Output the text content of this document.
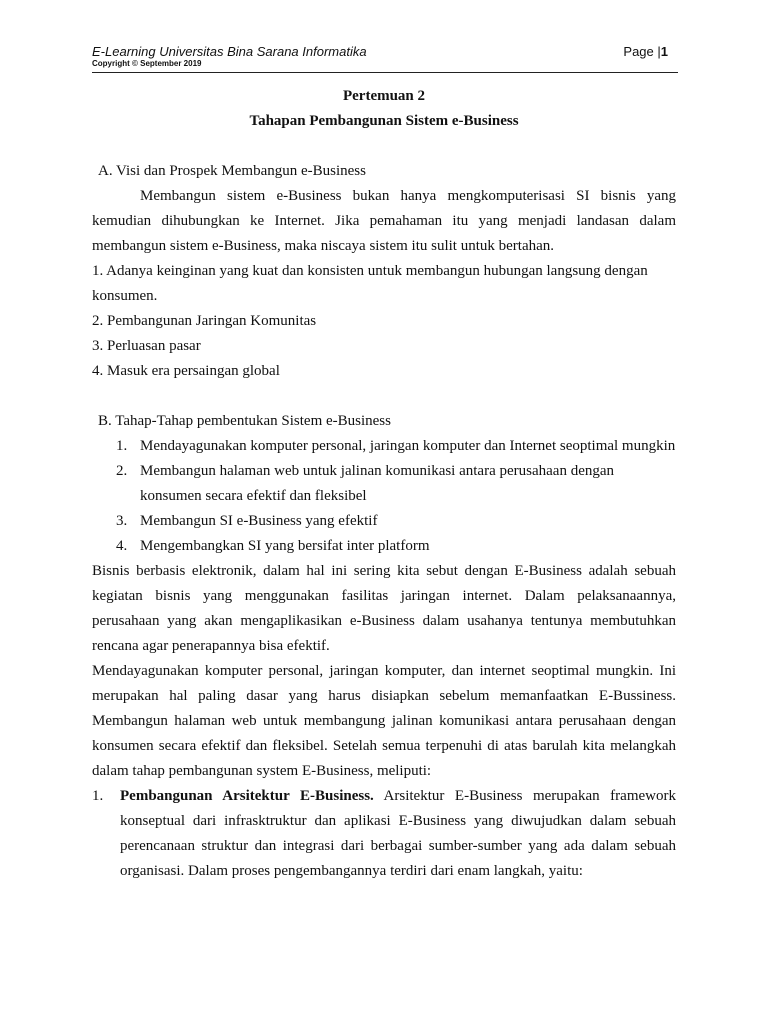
E-Learning Universitas Bina Sarana Informatika	Page |1
Copyright © September 2019
Pertemuan 2
Tahapan Pembangunan Sistem e-Business
A. Visi dan Prospek Membangun e-Business

Membangun sistem e-Business bukan hanya mengkomputerisasi SI bisnis yang kemudian dihubungkan ke Internet. Jika pemahaman itu yang menjadi landasan dalam membangun sistem e-Business, maka niscaya sistem itu sulit untuk bertahan.

1. Adanya keinginan yang kuat dan konsisten untuk membangun hubungan langsung dengan konsumen.
2. Pembangunan Jaringan Komunitas
3. Perluasan pasar
4. Masuk era persaingan global
B. Tahap-Tahap pembentukan Sistem e-Business
1. Mendayagunakan komputer personal, jaringan komputer dan Internet seoptimal mungkin
2. Membangun halaman web untuk jalinan komunikasi antara perusahaan dengan konsumen secara efektif dan fleksibel
3. Membangun SI e-Business yang efektif
4. Mengembangkan SI yang bersifat inter platform

Bisnis berbasis elektronik, dalam hal ini sering kita sebut dengan E-Business adalah sebuah kegiatan bisnis yang menggunakan fasilitas jaringan internet. Dalam pelaksanaannya, perusahaan yang akan mengaplikasikan e-Business dalam usahanya tentunya membutuhkan rencana agar penerapannya bisa efektif.

Mendayagunakan komputer personal, jaringan komputer, dan internet seoptimal mungkin. Ini merupakan hal paling dasar yang harus disiapkan sebelum memanfaatkan E-Bussiness. Membangun halaman web untuk membangung jalinan komunikasi antara perusahaan dengan konsumen secara efektif dan fleksibel. Setelah semua terpenuhi di atas barulah kita melangkah dalam tahap pembangunan system E-Business, meliputi:

1. Pembangunan Arsitektur E-Business. Arsitektur E-Business merupakan framework konseptual dari infrasktruktur dan aplikasi E-Business yang diwujudkan dalam sebuah perencanaan struktur dan integrasi dari berbagai sumber-sumber yang ada dalam sebuah organisasi. Dalam proses pengembangannya terdiri dari enam langkah, yaitu:
